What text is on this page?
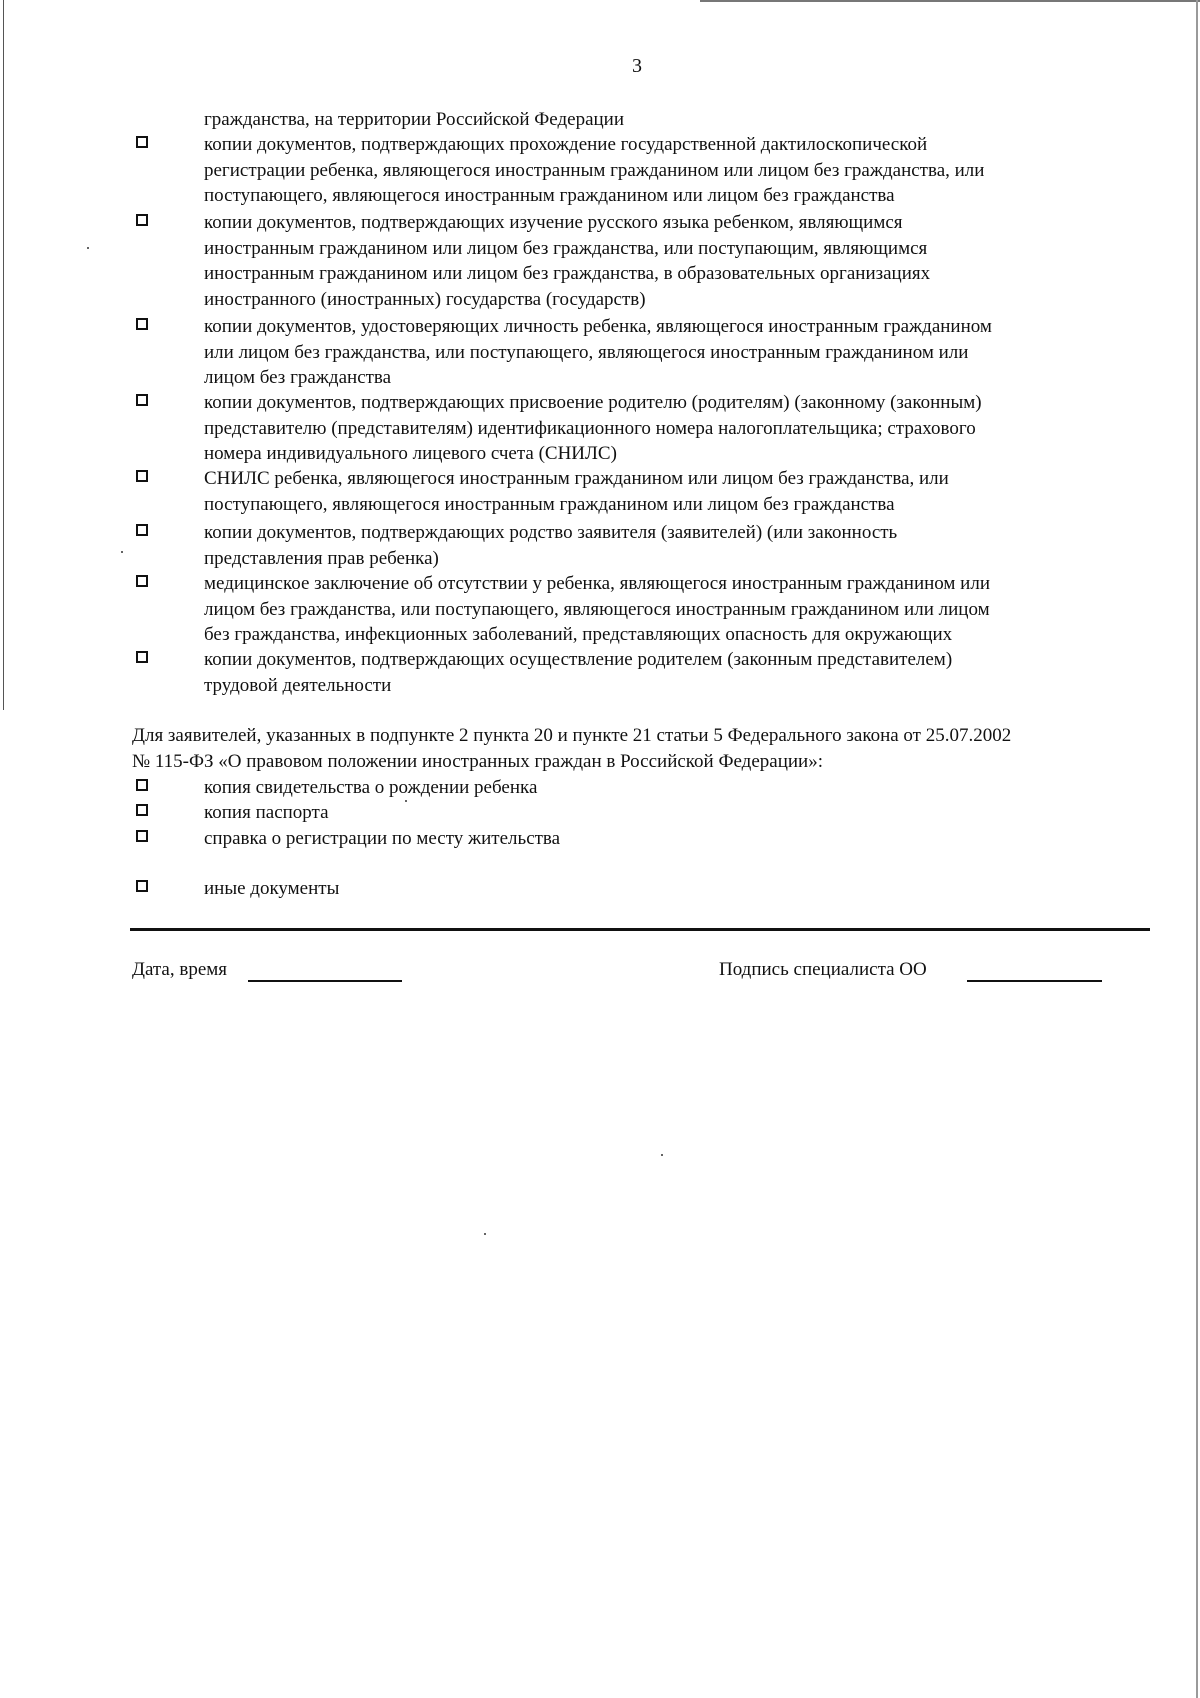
3
гражданства, на территории Российской Федерации
копии документов, подтверждающих прохождение государственной дактилоскопической
регистрации ребенка, являющегося иностранным гражданином или лицом без гражданства, или
поступающего, являющегося иностранным гражданином или лицом без гражданства
копии документов, подтверждающих изучение русского языка ребенком, являющимся
иностранным гражданином или лицом без гражданства, или поступающим, являющимся
иностранным гражданином или лицом без гражданства, в образовательных организациях
иностранного (иностранных) государства (государств)
копии документов, удостоверяющих личность ребенка, являющегося иностранным гражданином
или лицом без гражданства, или поступающего, являющегося иностранным гражданином или
лицом без гражданства
копии документов, подтверждающих присвоение родителю (родителям) (законному (законным)
представителю (представителям) идентификационного номера налогоплательщика; страхового
номера индивидуального лицевого счета (СНИЛС)
СНИЛС ребенка, являющегося иностранным гражданином или лицом без гражданства, или
поступающего, являющегося иностранным гражданином или лицом без гражданства
копии документов, подтверждающих родство заявителя (заявителей) (или законность
представления прав ребенка)
медицинское заключение об отсутствии у ребенка, являющегося иностранным гражданином или
лицом без гражданства, или поступающего, являющегося иностранным гражданином или лицом
без гражданства, инфекционных заболеваний, представляющих опасность для окружающих
копии документов, подтверждающих осуществление родителем (законным представителем)
трудовой деятельности
Для заявителей, указанных в подпункте 2 пункта 20 и пункте 21 статьи 5 Федерального закона от 25.07.2002
№ 115-ФЗ «О правовом положении иностранных граждан в Российской Федерации»:
копия свидетельства о рождении ребенка
копия паспорта
справка о регистрации по месту жительства
иные документы
Дата, время	Подпись специалиста ОО
